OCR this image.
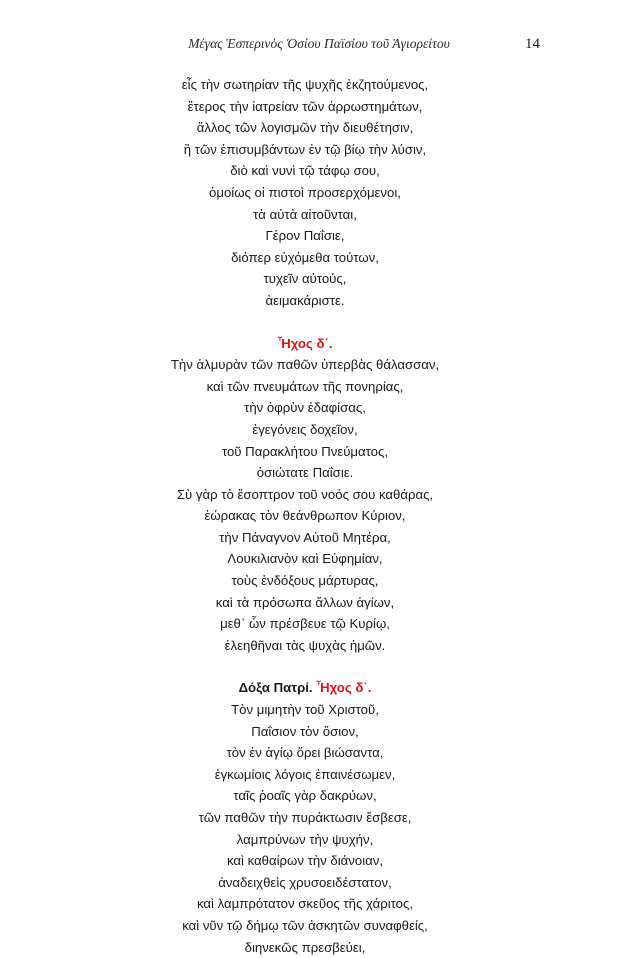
Μέγας Ἑσπερινὸς Ὁσίου Παϊσίου τοῦ Ἁγιορείτου	14
εἷς τὴν σωτηρίαν τῆς ψυχῆς ἐκζητούμενος,
ἕτερος τὴν ἰατρείαν τῶν ἀρρωστημάτων,
ἄλλος τῶν λογισμῶν τὴν διευθέτησιν,
ἢ τῶν ἐπισυμβάντων ἐν τῷ βίῳ τὴν λύσιν,
διὸ καὶ νυνὶ τῷ τάφῳ σου,
ὁμοίως οἱ πιστοὶ προσερχόμενοι,
τὰ αὐτὰ αἰτοῦνται,
Γέρον Παΐσιε,
διόπερ εὐχόμεθα τούτων,
τυχεῖν αὐτούς,
ἀειμακάριστε.
Ἦχος δ΄.
Τὴν ἁλμυρὰν τῶν παθῶν ὑπερβὰς θάλασσαν,
καὶ τῶν πνευμάτων τῆς πονηρίας,
τὴν ὀφρὺν ἐδαφίσας,
ἐγεγόνεις δοχεῖον,
τοῦ Παρακλήτου Πνεύματος,
ὁσιώτατε Παΐσιε.
Σὺ γὰρ τὸ ἔσοπτρον τοῦ νοός σου καθάρας,
ἑώρακας τὸν θεάνθρωπον Κύριον,
τὴν Πάναγνον Αὐτοῦ Μητέρα,
Λουκιλιανὸν καὶ Εὐφημίαν,
τοὺς ἐνδόξους μάρτυρας,
καὶ τὰ πρόσωπα ἄλλων ἁγίων,
μεθ᾽ ὧν πρέσβευε τῷ Κυρίῳ,
ἐλεηθῆναι τὰς ψυχὰς ἡμῶν.
Δόξα Πατρί. Ἦχος δ΄.
Τὸν μιμητὴν τοῦ Χριστοῦ,
Παΐσιον τὸν ὅσιον,
τὸν ἐν ἁγίῳ ὄρει βιώσαντα,
ἐγκωμίοις λόγοις ἐπαινέσωμεν,
ταῖς ῥοαῖς γὰρ δακρύων,
τῶν παθῶν τὴν πυράκτωσιν ἔσβεσε,
λαμπρύνων τὴν ψυχήν,
καὶ καθαίρων τὴν διάνοιαν,
ἀναδειχθεὶς χρυσοειδέστατον,
καὶ λαμπρότατον σκεῦος τῆς χάριτος,
καὶ νῦν τῷ δήμῳ τῶν ἀσκητῶν συναφθείς,
διηνεκῶς πρεσβεύει,
